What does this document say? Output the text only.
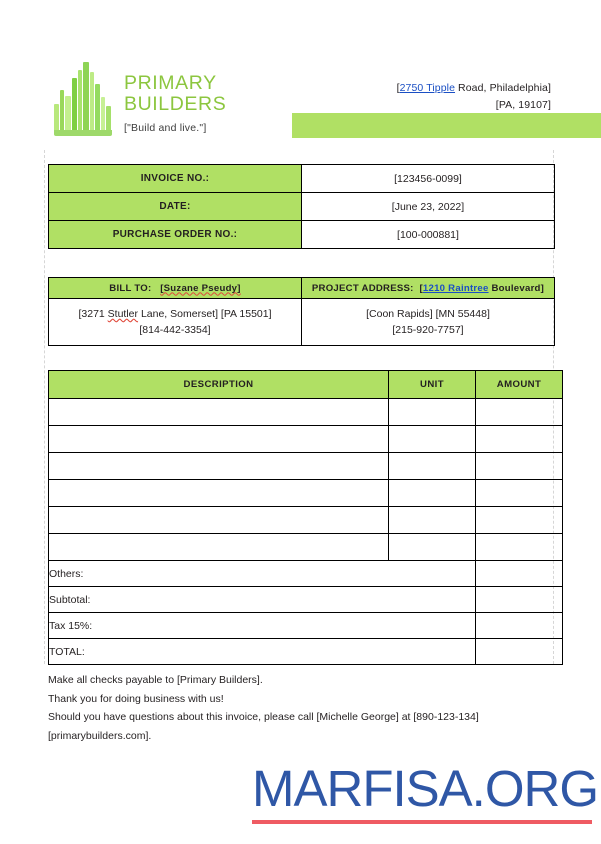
PRIMARY
BUILDERS
["Build and live."]
[2750 Tipple Road, Philadelphia]
[PA, 19107]
INVOICE NO.:	[123456-0099]
DATE:	[June 23, 2022]
PURCHASE ORDER NO.:	[100-000881]
BILL TO: [Suzane Pseudy]	PROJECT ADDRESS: [1210 Raintree Boulevard]

[3271 Stutler Lane, Somerset] [PA 15501]
[814-442-3354]

[Coon Rapids] [MN 55448]
[215-920-7757]
DESCRIPTION	UNIT	AMOUNT

Others:		
Subtotal:		
Tax 15%:		
TOTAL:		
Make all checks payable to [Primary Builders].
Thank you for doing business with us!
Should you have questions about this invoice, please call [Michelle George] at [890-123-134]
[primarybuilders.com].
MARFISA.ORG
